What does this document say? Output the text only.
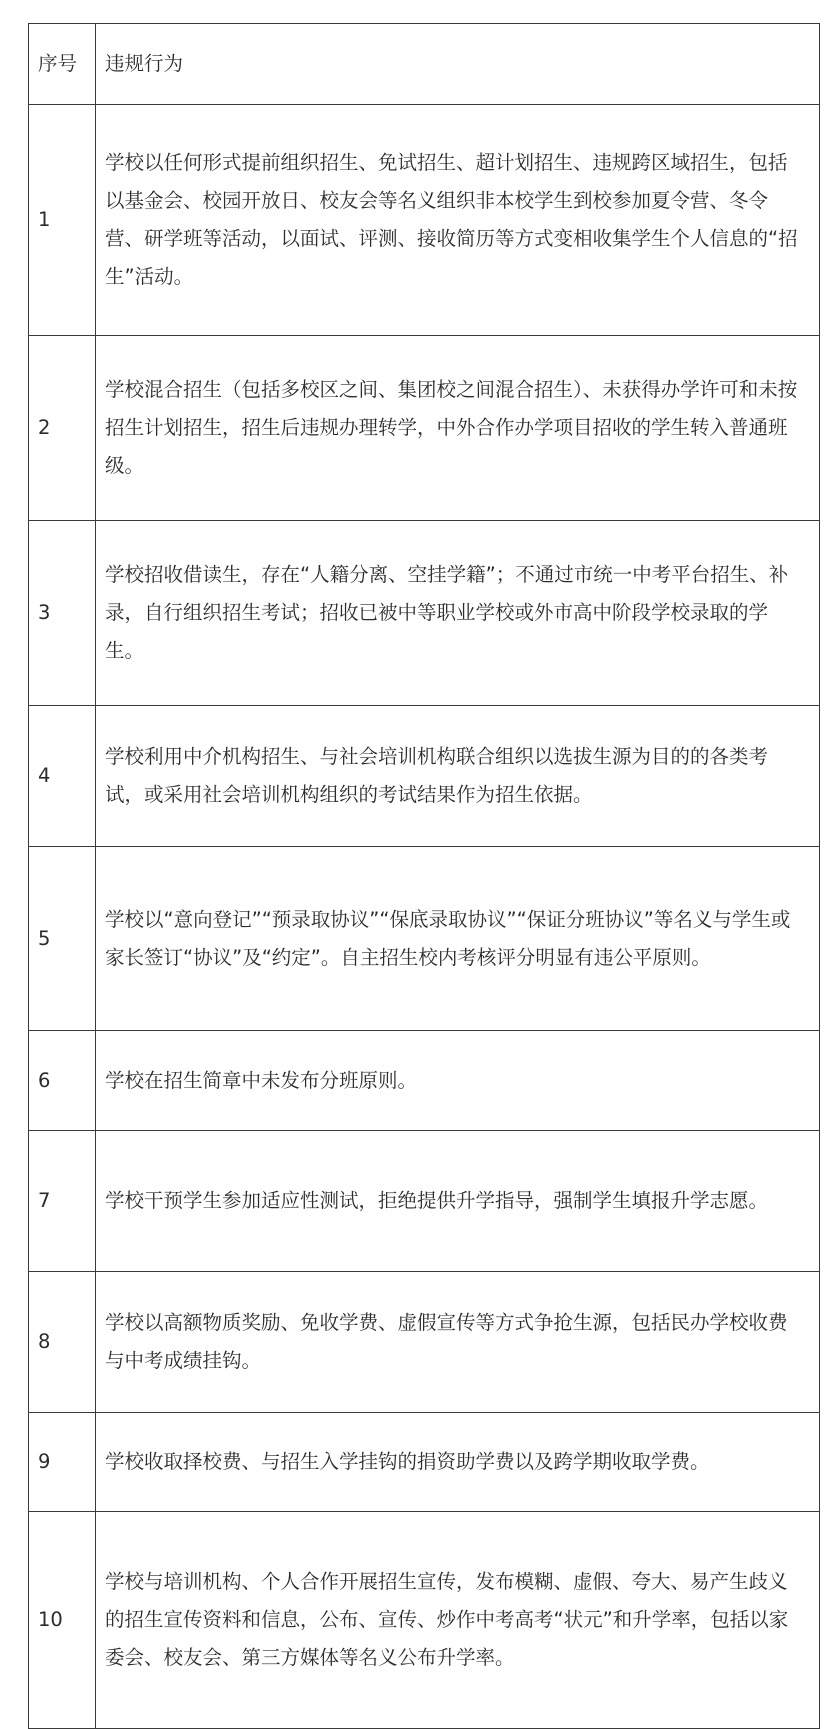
序号	违规行为
1	学校以任何形式提前组织招生、免试招生、超计划招生、违规跨区域招生，包括以基金会、校园开放日、校友会等名义组织非本校学生到校参加夏令营、冬令营、研学班等活动，以面试、评测、接收简历等方式变相收集学生个人信息的“招生”活动。
2	学校混合招生（包括多校区之间、集团校之间混合招生）、未获得办学许可和未按招生计划招生，招生后违规办理转学，中外合作办学项目招收的学生转入普通班级。
3	学校招收借读生，存在“人籍分离、空挂学籍”；不通过市统一中考平台招生、补录，自行组织招生考试；招收已被中等职业学校或外市高中阶段学校录取的学生。
4	学校利用中介机构招生、与社会培训机构联合组织以选拔生源为目的的各类考试，或采用社会培训机构组织的考试结果作为招生依据。
5	学校以“意向登记”“预录取协议”“保底录取协议”“保证分班协议”等名义与学生或家长签订“协议”及“约定”。自主招生校内考核评分明显有违公平原则。
6	学校在招生简章中未发布分班原则。
7	学校干预学生参加适应性测试，拒绝提供升学指导，强制学生填报升学志愿。
8	学校以高额物质奖励、免收学费、虚假宣传等方式争抢生源，包括民办学校收费与中考成绩挂钩。
9	学校收取择校费、与招生入学挂钩的捐资助学费以及跨学期收取学费。
10	学校与培训机构、个人合作开展招生宣传，发布模糊、虚假、夸大、易产生歧义的招生宣传资料和信息，公布、宣传、炒作中考高考“状元”和升学率，包括以家委会、校友会、第三方媒体等名义公布升学率。
